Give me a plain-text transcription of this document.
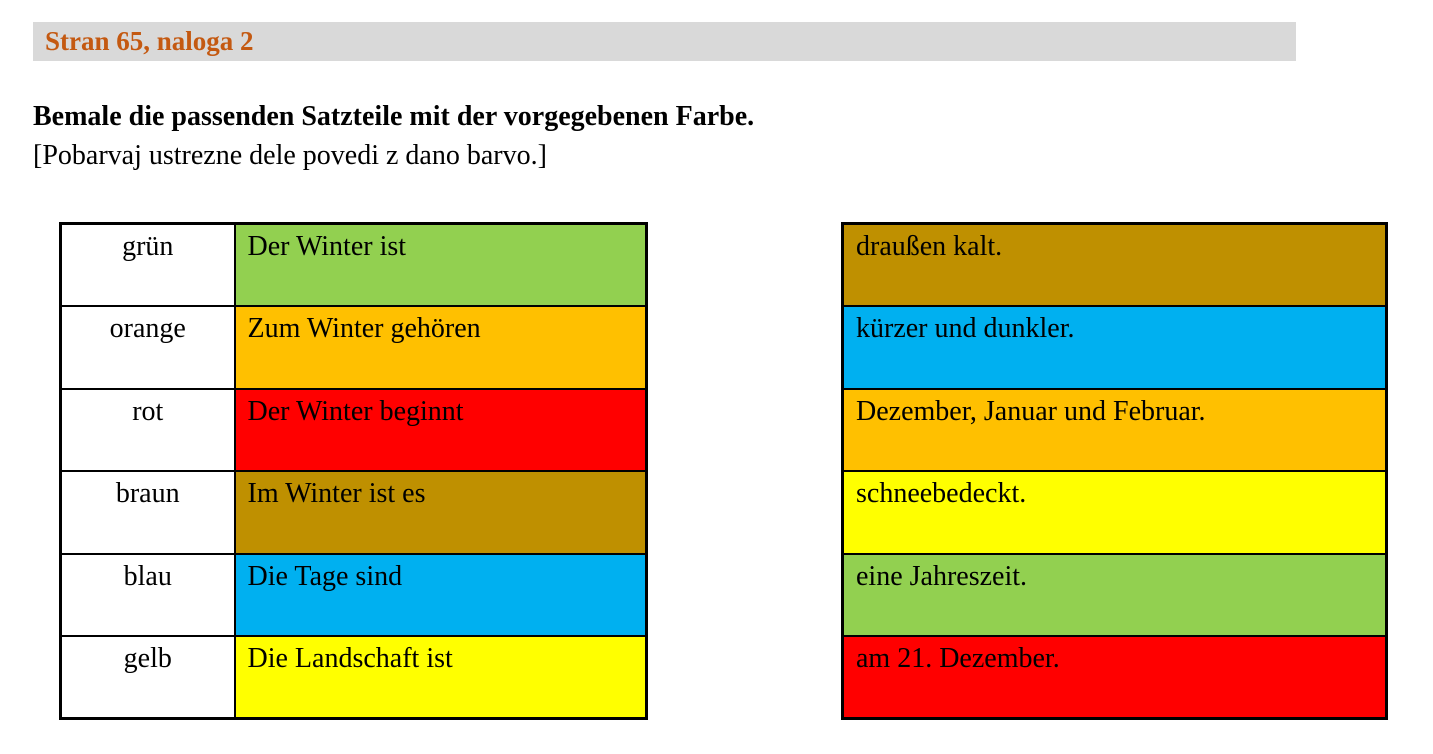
Stran 65, naloga 2
Bemale die passenden Satzteile mit der vorgegebenen Farbe.
[Pobarvaj ustrezne dele povedi z dano barvo.]
grün	Der Winter ist
orange	Zum Winter gehören
rot	Der Winter beginnt
braun	Im Winter ist es
blau	Die Tage sind
gelb	Die Landschaft ist
draußen kalt.
kürzer und dunkler.
Dezember, Januar und Februar.
schneebedeckt.
eine Jahreszeit.
am 21. Dezember.
